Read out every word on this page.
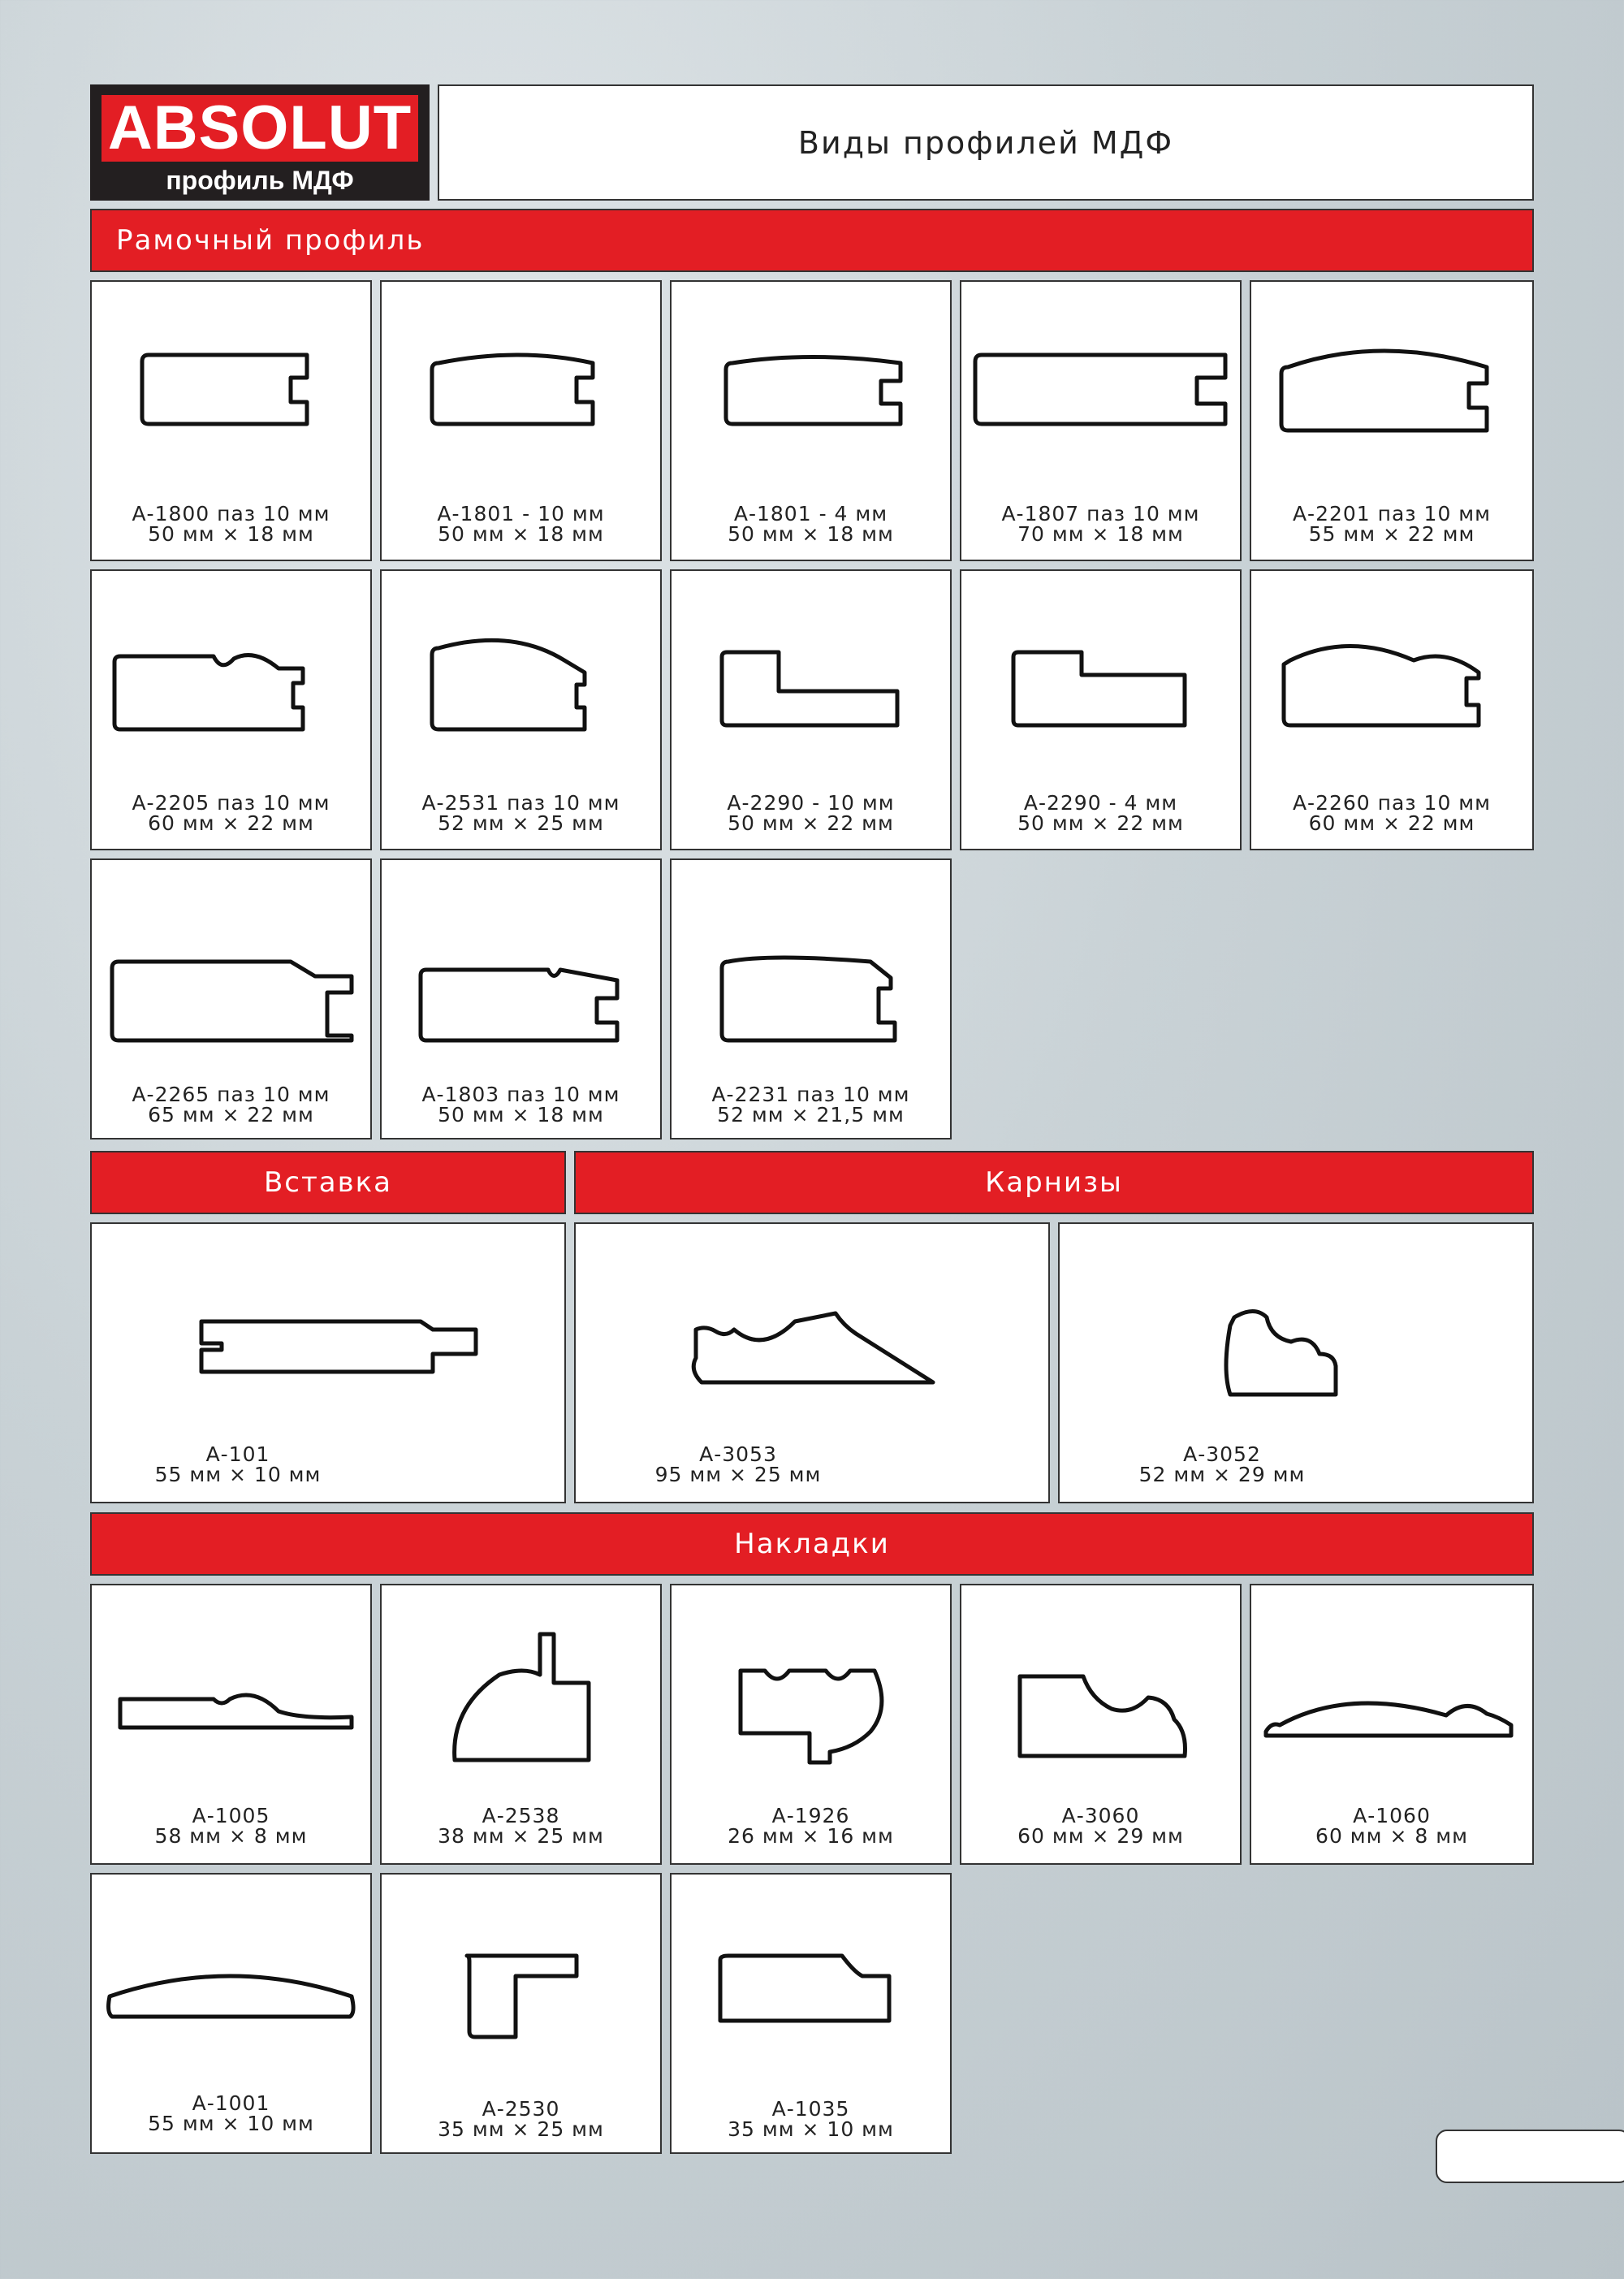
ABSOLUT
профиль МДФ
Виды профилей МДФ
Рамочный профиль
Вставка	Карнизы
Накладки
А-1800 паз 10 мм
50 мм × 18 мм
А-1801 - 10 мм
50 мм × 18 мм
А-1801 - 4 мм
50 мм × 18 мм
А-1807 паз 10 мм
70 мм × 18 мм
А-2201 паз 10 мм
55 мм × 22 мм
А-2205 паз 10 мм
60 мм × 22 мм
А-2531 паз 10 мм
52 мм × 25 мм
А-2290 - 10 мм
50 мм × 22 мм
А-2290 - 4 мм
50 мм × 22 мм
А-2260 паз 10 мм
60 мм × 22 мм
А-2265 паз 10 мм
65 мм × 22 мм
А-1803 паз 10 мм
50 мм × 18 мм
А-2231 паз 10 мм
52 мм × 21,5 мм
А-101
55 мм × 10 мм
А-3053
95 мм × 25 мм
А-3052
52 мм × 29 мм
А-1005
58 мм × 8 мм
А-2538
38 мм × 25 мм
А-1926
26 мм × 16 мм
А-3060
60 мм × 29 мм
А-1060
60 мм × 8 мм
А-1001
55 мм × 10 мм
А-2530
35 мм × 25 мм
А-1035
35 мм × 10 мм
